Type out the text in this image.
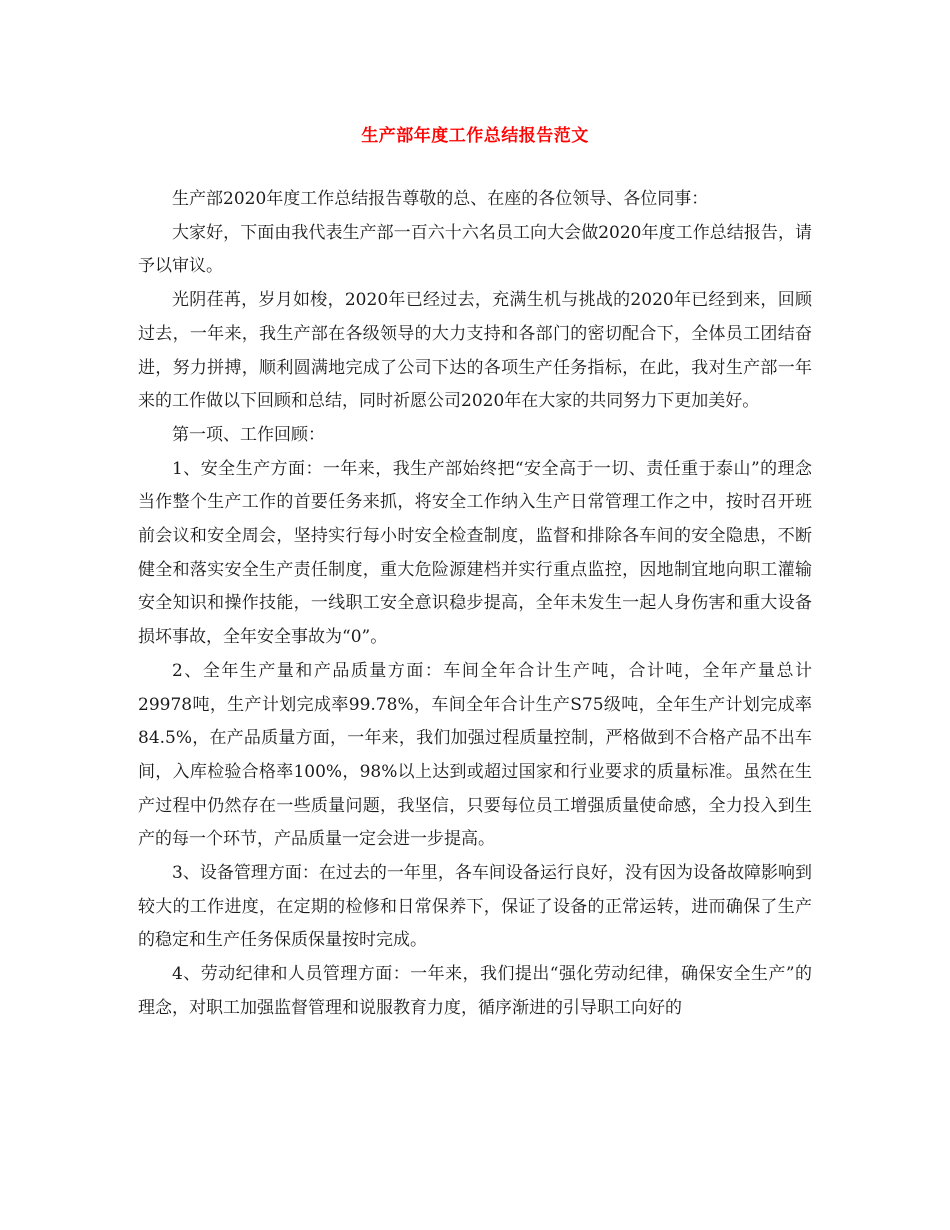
生产部年度工作总结报告范文

生产部2020年度工作总结报告尊敬的总、在座的各位领导、各位同事：

大家好，下面由我代表生产部一百六十六名员工向大会做2020年度工作总结报告，请予以审议。

光阴荏苒，岁月如梭，2020年已经过去，充满生机与挑战的2020年已经到来，回顾过去，一年来，我生产部在各级领导的大力支持和各部门的密切配合下，全体员工团结奋进，努力拼搏，顺利圆满地完成了公司下达的各项生产任务指标，在此，我对生产部一年来的工作做以下回顾和总结，同时祈愿公司2020年在大家的共同努力下更加美好。

第一项、工作回顾：

1、安全生产方面：一年来，我生产部始终把“安全高于一切、责任重于泰山”的理念当作整个生产工作的首要任务来抓，将安全工作纳入生产日常管理工作之中，按时召开班前会议和安全周会，坚持实行每小时安全检查制度，监督和排除各车间的安全隐患，不断健全和落实安全生产责任制度，重大危险源建档并实行重点监控，因地制宜地向职工灌输安全知识和操作技能，一线职工安全意识稳步提高，全年未发生一起人身伤害和重大设备损坏事故，全年安全事故为“0”。

2、全年生产量和产品质量方面：车间全年合计生产吨，合计吨，全年产量总计29978吨，生产计划完成率99.78%，车间全年合计生产S75级吨，全年生产计划完成率84.5%，在产品质量方面，一年来，我们加强过程质量控制，严格做到不合格产品不出车间，入库检验合格率100%，98%以上达到或超过国家和行业要求的质量标准。虽然在生产过程中仍然存在一些质量问题，我坚信，只要每位员工增强质量使命感，全力投入到生产的每一个环节，产品质量一定会进一步提高。

3、设备管理方面：在过去的一年里，各车间设备运行良好，没有因为设备故障影响到较大的工作进度，在定期的检修和日常保养下，保证了设备的正常运转，进而确保了生产的稳定和生产任务保质保量按时完成。

4、劳动纪律和人员管理方面：一年来，我们提出“强化劳动纪律，确保安全生产”的理念，对职工加强监督管理和说服教育力度，循序渐进的引导职工向好的
